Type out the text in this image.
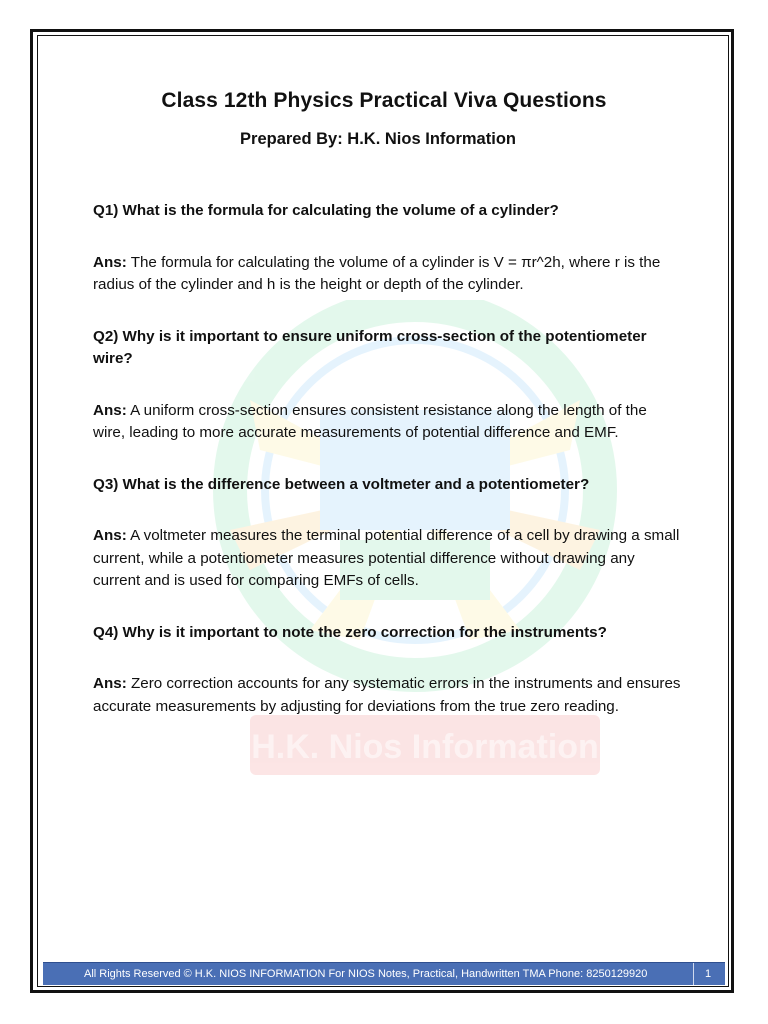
H.K. Nios Information
Class 12th Physics Practical Viva Questions
Prepared By: H.K. Nios Information

Q1) What is the formula for calculating the volume of a cylinder?

Ans: The formula for calculating the volume of a cylinder is V = πr^2h, where r is the radius of the cylinder and h is the height or depth of the cylinder.

Q2) Why is it important to ensure uniform cross-section of the potentiometer wire?

Ans: A uniform cross-section ensures consistent resistance along the length of the wire, leading to more accurate measurements of potential difference and EMF.

Q3) What is the difference between a voltmeter and a potentiometer?

Ans: A voltmeter measures the terminal potential difference of a cell by drawing a small current, while a potentiometer measures potential difference without drawing any current and is used for comparing EMFs of cells.

Q4) Why is it important to note the zero correction for the instruments?

Ans: Zero correction accounts for any systematic errors in the instruments and ensures accurate measurements by adjusting for deviations from the true zero reading.

All Rights Reserved © H.K. NIOS INFORMATION For NIOS Notes, Practical, Handwritten TMA Phone: 8250129920	1
